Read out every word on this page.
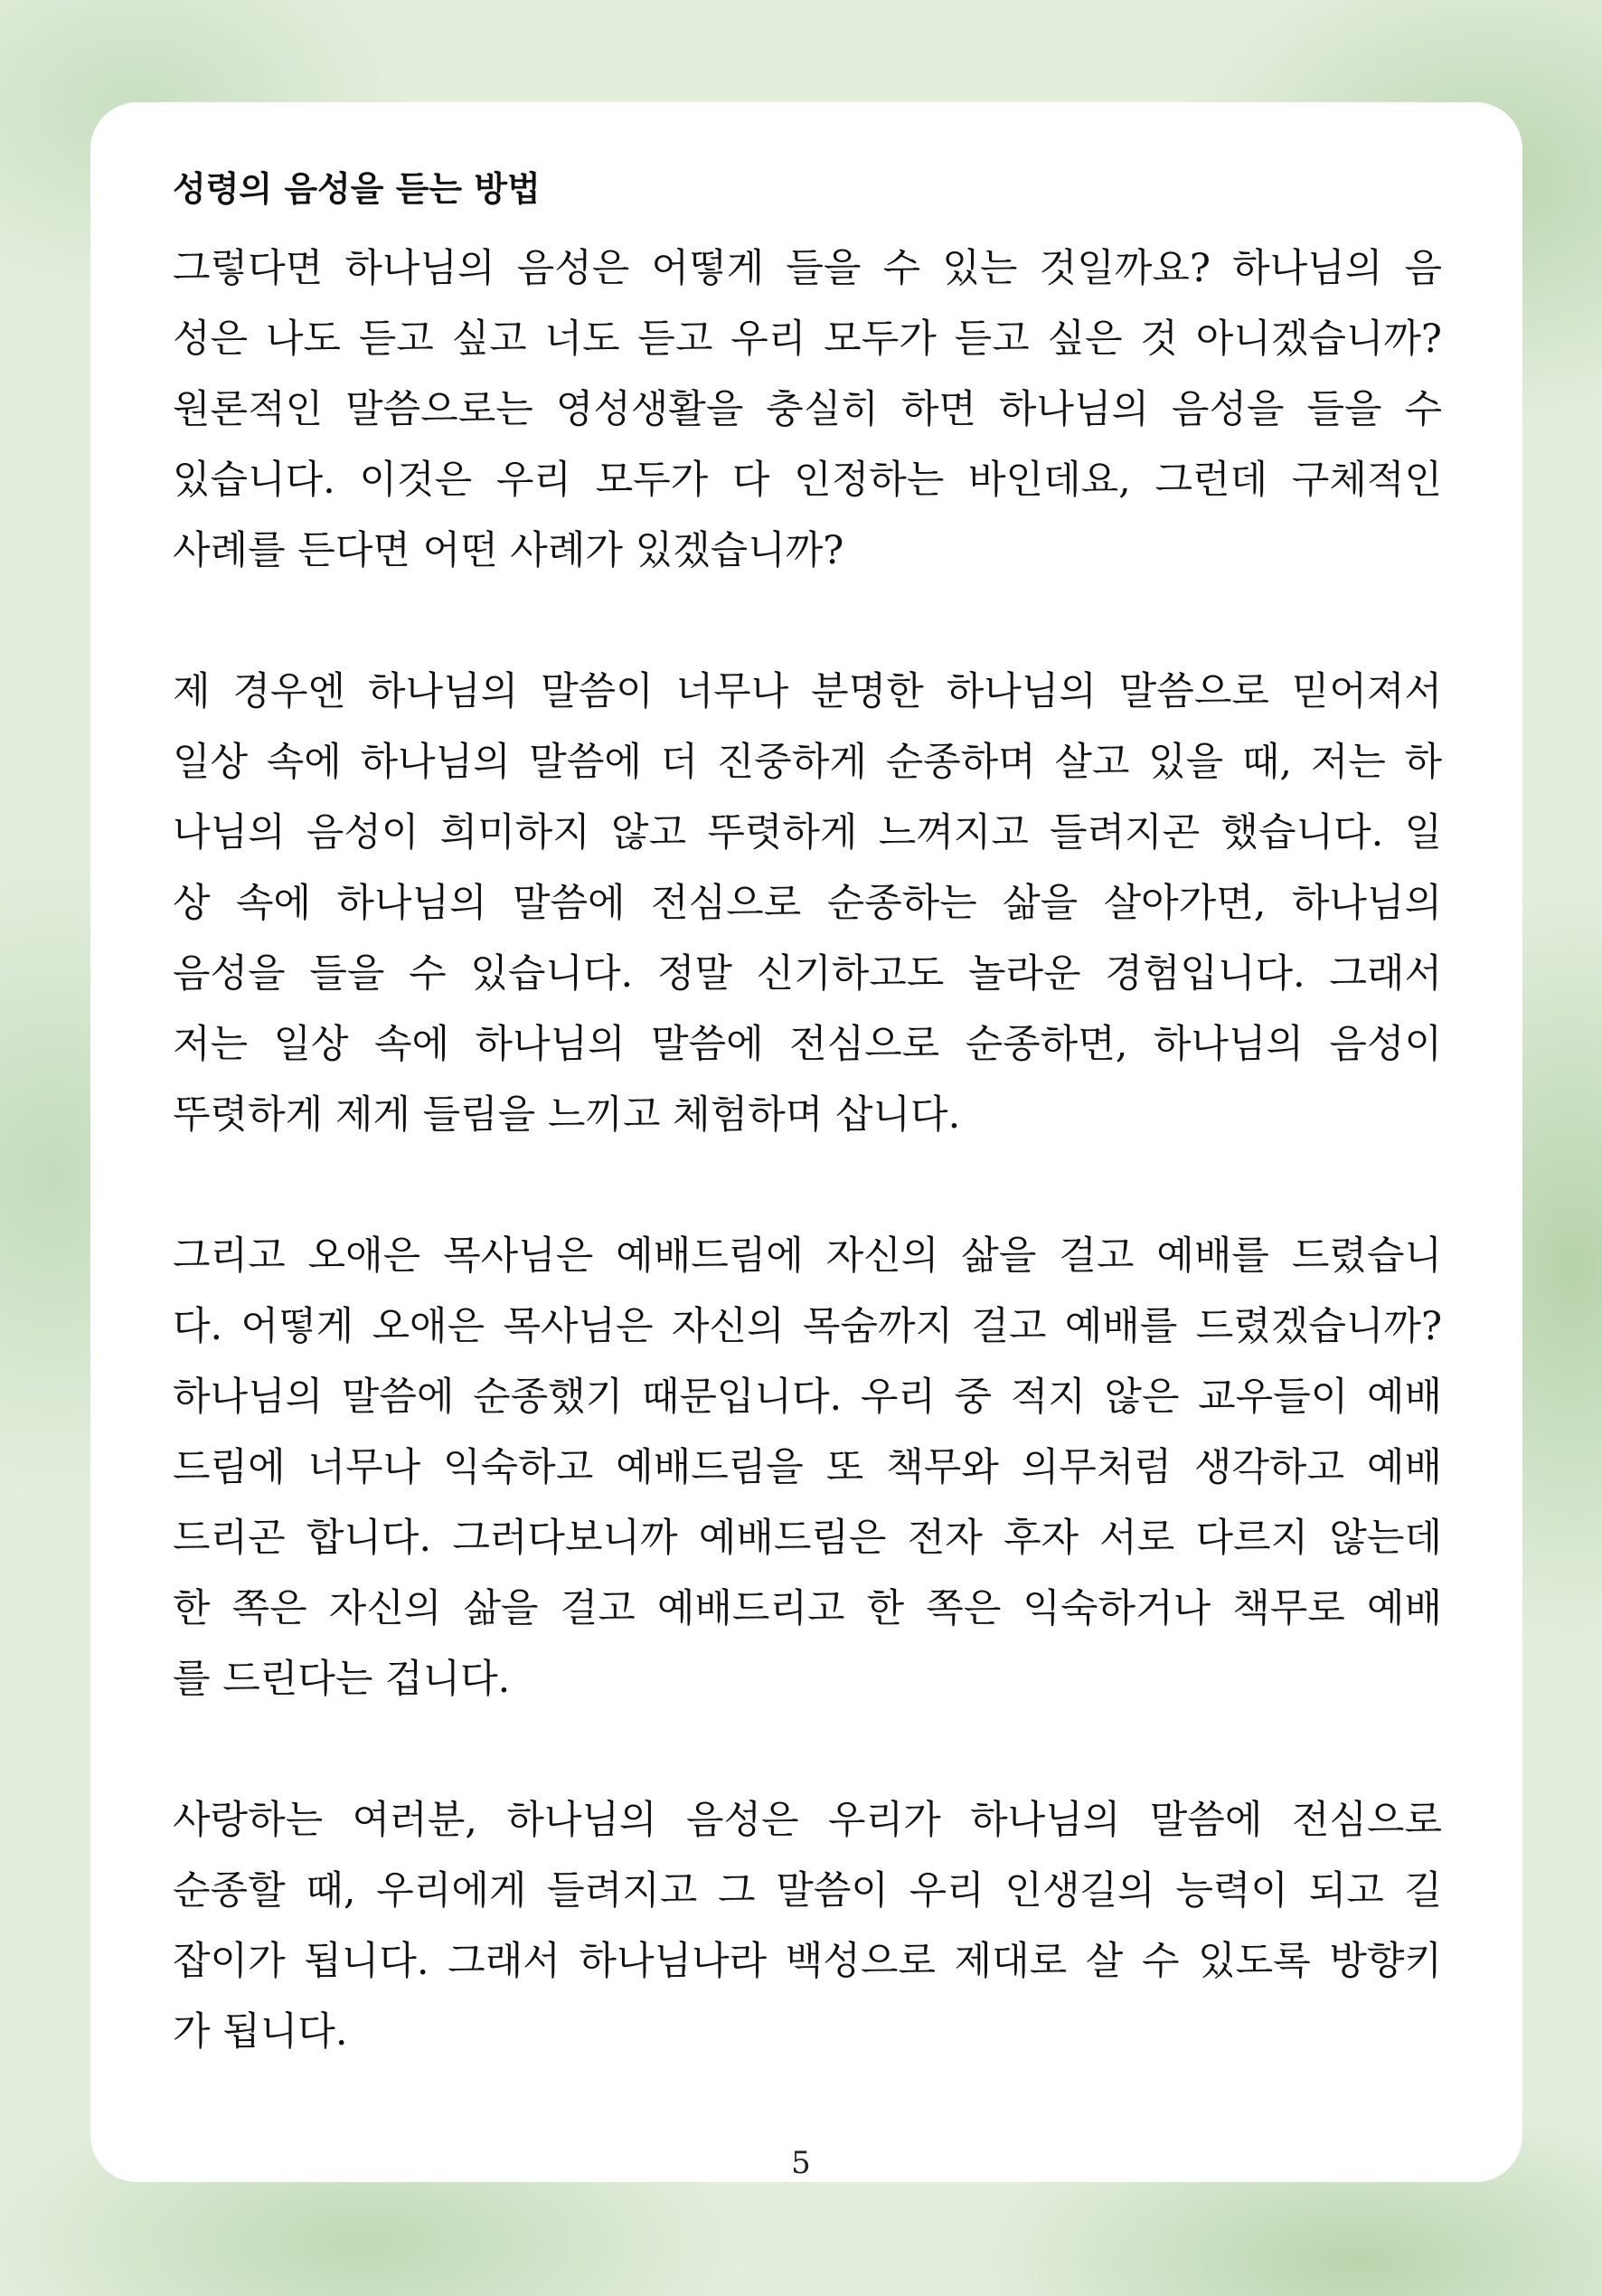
성령의 음성을 듣는 방법
그렇다면 하나님의 음성은 어떻게 들을 수 있는 것일까요? 하나님의 음
성은 나도 듣고 싶고 너도 듣고 우리 모두가 듣고 싶은 것 아니겠습니까?
원론적인 말씀으로는 영성생활을 충실히 하면 하나님의 음성을 들을 수
있습니다. 이것은 우리 모두가 다 인정하는 바인데요, 그런데 구체적인
사례를 든다면 어떤 사례가 있겠습니까?
제 경우엔 하나님의 말씀이 너무나 분명한 하나님의 말씀으로 믿어져서
일상 속에 하나님의 말씀에 더 진중하게 순종하며 살고 있을 때, 저는 하
나님의 음성이 희미하지 않고 뚜렷하게 느껴지고 들려지곤 했습니다. 일
상 속에 하나님의 말씀에 전심으로 순종하는 삶을 살아가면, 하나님의
음성을 들을 수 있습니다. 정말 신기하고도 놀라운 경험입니다. 그래서
저는 일상 속에 하나님의 말씀에 전심으로 순종하면, 하나님의 음성이
뚜렷하게 제게 들림을 느끼고 체험하며 삽니다.
그리고 오애은 목사님은 예배드림에 자신의 삶을 걸고 예배를 드렸습니
다. 어떻게 오애은 목사님은 자신의 목숨까지 걸고 예배를 드렸겠습니까?
하나님의 말씀에 순종했기 때문입니다. 우리 중 적지 않은 교우들이 예배
드림에 너무나 익숙하고 예배드림을 또 책무와 의무처럼 생각하고 예배
드리곤 합니다. 그러다보니까 예배드림은 전자 후자 서로 다르지 않는데
한 쪽은 자신의 삶을 걸고 예배드리고 한 쪽은 익숙하거나 책무로 예배
를 드린다는 겁니다.
사랑하는 여러분, 하나님의 음성은 우리가 하나님의 말씀에 전심으로
순종할 때, 우리에게 들려지고 그 말씀이 우리 인생길의 능력이 되고 길
잡이가 됩니다. 그래서 하나님나라 백성으로 제대로 살 수 있도록 방향키
가 됩니다.
5
